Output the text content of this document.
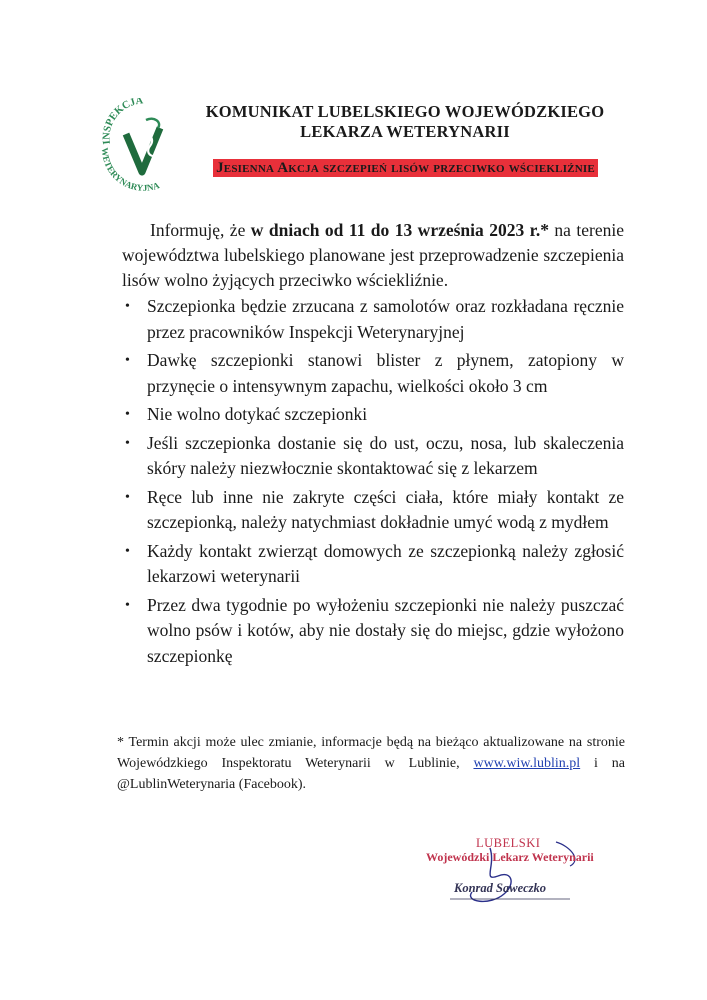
INSPEKCJA
WETERYNARYJNA
KOMUNIKAT LUBELSKIEGO WOJEWÓDZKIEGO
LEKARZA WETERYNARII
Jesienna Akcja szczepień lisów przeciwko wściekliźnie

Informuję, że w dniach od 11 do 13 września 2023 r.* na terenie województwa lubelskiego planowane jest przeprowadzenie szczepienia lisów wolno żyjących przeciwko wściekliźnie.

• Szczepionka będzie zrzucana z samolotów oraz rozkładana ręcznie przez pracowników Inspekcji Weterynaryjnej
• Dawkę szczepionki stanowi blister z płynem, zatopiony w przynęcie o intensywnym zapachu, wielkości około 3 cm
• Nie wolno dotykać szczepionki
• Jeśli szczepionka dostanie się do ust, oczu, nosa, lub skaleczenia skóry należy niezwłocznie skontaktować się z lekarzem
• Ręce lub inne nie zakryte części ciała, które miały kontakt ze szczepionką, należy natychmiast dokładnie umyć wodą z mydłem
• Każdy kontakt zwierząt domowych ze szczepionką należy zgłosić lekarzowi weterynarii
• Przez dwa tygodnie po wyłożeniu szczepionki nie należy puszczać wolno psów i kotów, aby nie dostały się do miejsc, gdzie wyłożono szczepionkę

* Termin akcji może ulec zmianie, informacje będą na bieżąco aktualizowane na stronie Wojewódzkiego Inspektoratu Weterynarii w Lublinie, www.wiw.lublin.pl i na @LublinWeterynaria (Facebook).

LUBELSKI
Wojewódzki Lekarz Weterynarii
Konrad Saweczko
